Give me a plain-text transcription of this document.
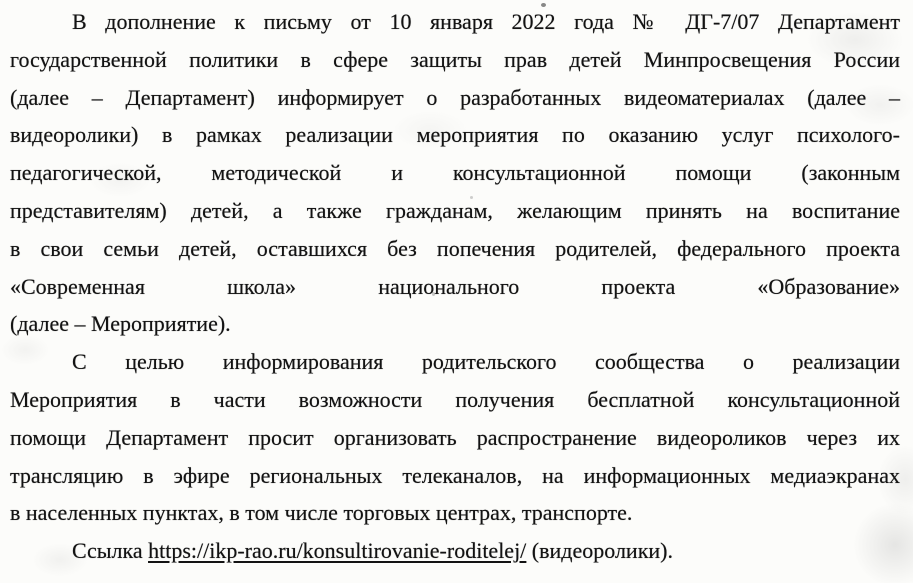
В дополнение к письму от 10 января 2022 года № ДГ-7/07 Департамент
государственной политики в сфере защиты прав детей Минпросвещения России
(далее – Департамент) информирует о разработанных видеоматериалах (далее –
видеоролики) в рамках реализации мероприятия по оказанию услуг психолого-
педагогической, методической и консультационной помощи (законным
представителям) детей, а также гражданам, желающим принять на воспитание
в свои семьи детей, оставшихся без попечения родителей, федерального проекта
«Современная школа» национального проекта «Образование»
(далее – Мероприятие).
С целью информирования родительского сообщества о реализации
Мероприятия в части возможности получения бесплатной консультационной
помощи Департамент просит организовать распространение видеороликов через их
трансляцию в эфире региональных телеканалов, на информационных медиаэкранах
в населенных пунктах, в том числе торговых центрах, транспорте.
Ссылка https://ikp-rao.ru/konsultirovanie-roditelej/ (видеоролики).
